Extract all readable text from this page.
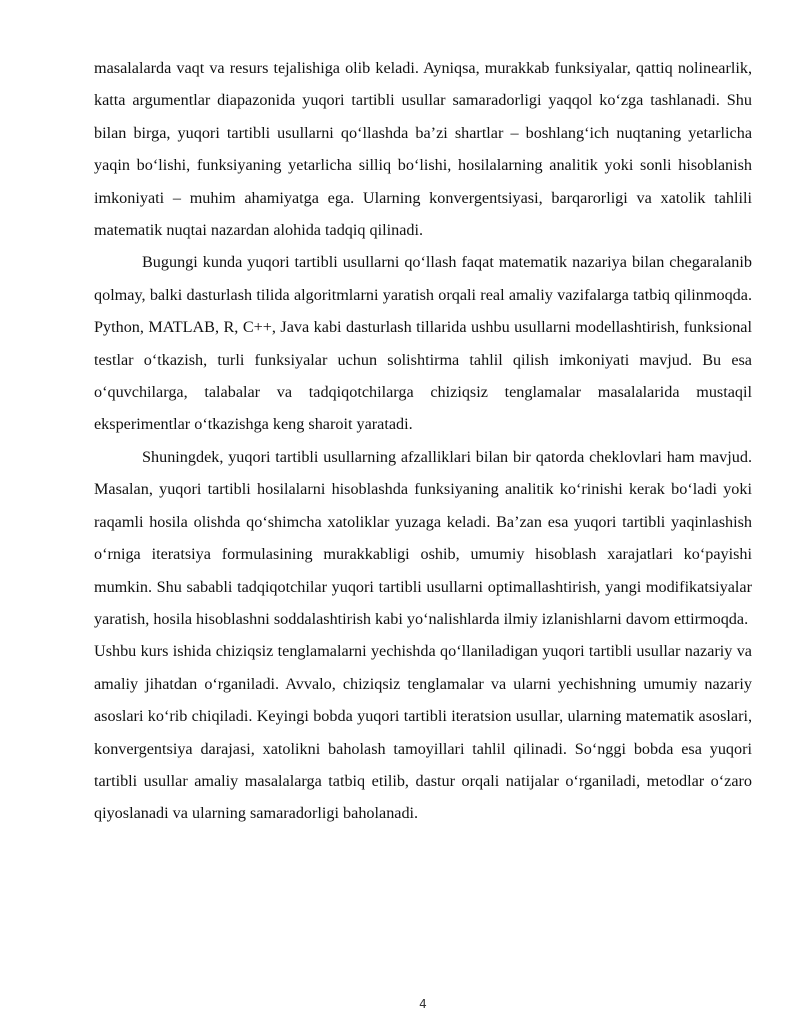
masalalarda vaqt va resurs tejalishiga olib keladi. Ayniqsa, murakkab funksiyalar, qattiq nolinearlik, katta argumentlar diapazonida yuqori tartibli usullar samaradorligi yaqqol ko‘zga tashlanadi. Shu bilan birga, yuqori tartibli usullarni qo‘llashda ba’zi shartlar – boshlang‘ich nuqtaning yetarlicha yaqin bo‘lishi, funksiyaning yetarlicha silliq bo‘lishi, hosilalarning analitik yoki sonli hisoblanish imkoniyati – muhim ahamiyatga ega. Ularning konvergentsiyasi, barqarorligi va xatolik tahlili matematik nuqtai nazardan alohida tadqiq qilinadi.

Bugungi kunda yuqori tartibli usullarni qo‘llash faqat matematik nazariya bilan chegaralanib qolmay, balki dasturlash tilida algoritmlarni yaratish orqali real amaliy vazifalarga tatbiq qilinmoqda. Python, MATLAB, R, C++, Java kabi dasturlash tillarida ushbu usullarni modellashtirish, funksional testlar o‘tkazish, turli funksiyalar uchun solishtirma tahlil qilish imkoniyati mavjud. Bu esa o‘quvchilarga, talabalar va tadqiqotchilarga chiziqsiz tenglamalar masalalarida mustaqil eksperimentlar o‘tkazishga keng sharoit yaratadi.

Shuningdek, yuqori tartibli usullarning afzalliklari bilan bir qatorda cheklovlari ham mavjud. Masalan, yuqori tartibli hosilalarni hisoblashda funksiyaning analitik ko‘rinishi kerak bo‘ladi yoki raqamli hosila olishda qo‘shimcha xatoliklar yuzaga keladi. Ba’zan esa yuqori tartibli yaqinlashish o‘rniga iteratsiya formulasining murakkabligi oshib, umumiy hisoblash xarajatlari ko‘payishi mumkin. Shu sababli tadqiqotchilar yuqori tartibli usullarni optimallashtirish, yangi modifikatsiyalar yaratish, hosila hisoblashni soddalashtirish kabi yo‘nalishlarda ilmiy izlanishlarni davom ettirmoqda.

Ushbu kurs ishida chiziqsiz tenglamalarni yechishda qo‘llaniladigan yuqori tartibli usullar nazariy va amaliy jihatdan o‘rganiladi. Avvalo, chiziqsiz tenglamalar va ularni yechishning umumiy nazariy asoslari ko‘rib chiqiladi. Keyingi bobda yuqori tartibli iteratsion usullar, ularning matematik asoslari, konvergentsiya darajasi, xatolikni baholash tamoyillari tahlil qilinadi. So‘nggi bobda esa yuqori tartibli usullar amaliy masalalarga tatbiq etilib, dastur orqali natijalar o‘rganiladi, metodlar o‘zaro qiyoslanadi va ularning samaradorligi baholanadi.

4
